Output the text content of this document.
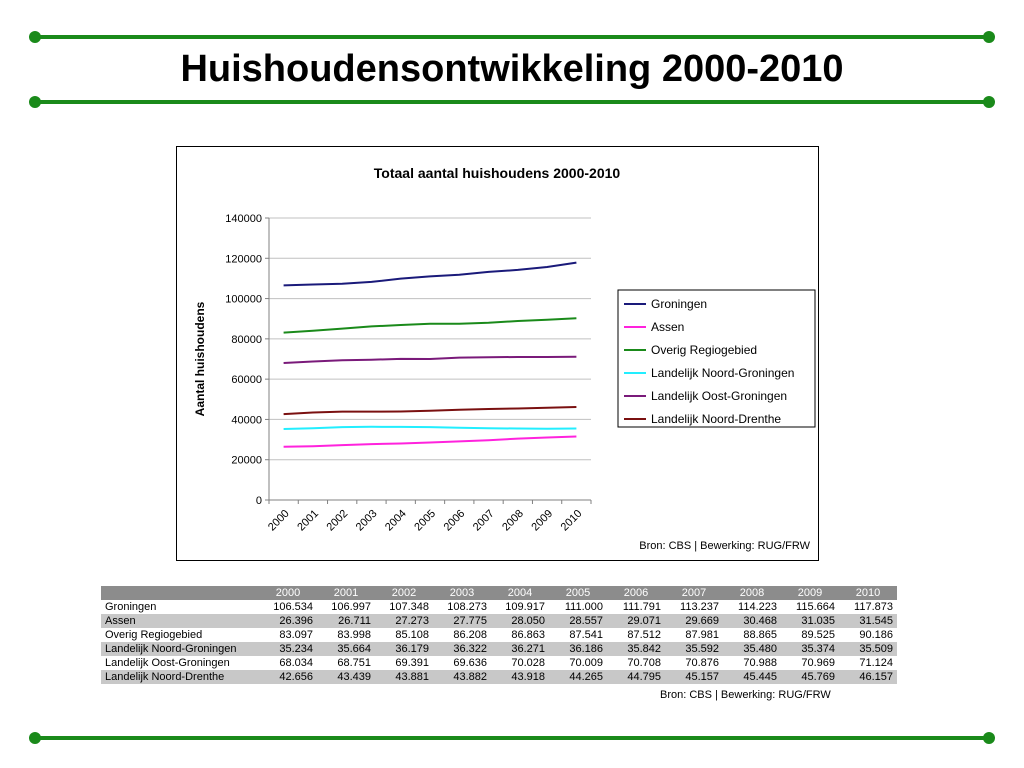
Huishoudensontwikkeling 2000-2010
Totaal aantal huishoudens 2000-2010
0
20000
40000
60000
80000
100000
120000
140000
2000 2001 2002 2003 2004 2005 2006 2007 2008 2009 2010
Aantal huishoudens	Groningen
Assen
Overig Regiogebied
Landelijk Noord-Groningen
Landelijk Oost-Groningen
Landelijk Noord-Drenthe
Bron: CBS | Bewerking: RUG/FRW
	2000	2001	2002	2003	2004	2005	2006	2007	2008	2009	2010
Groningen	106.534	106.997	107.348	108.273	109.917	111.000	111.791	113.237	114.223	115.664	117.873
Assen	26.396	26.711	27.273	27.775	28.050	28.557	29.071	29.669	30.468	31.035	31.545
Overig Regiogebied	83.097	83.998	85.108	86.208	86.863	87.541	87.512	87.981	88.865	89.525	90.186
Landelijk Noord-Groningen	35.234	35.664	36.179	36.322	36.271	36.186	35.842	35.592	35.480	35.374	35.509
Landelijk Oost-Groningen	68.034	68.751	69.391	69.636	70.028	70.009	70.708	70.876	70.988	70.969	71.124
Landelijk Noord-Drenthe	42.656	43.439	43.881	43.882	43.918	44.265	44.795	45.157	45.445	45.769	46.157
Bron: CBS | Bewerking: RUG/FRW
